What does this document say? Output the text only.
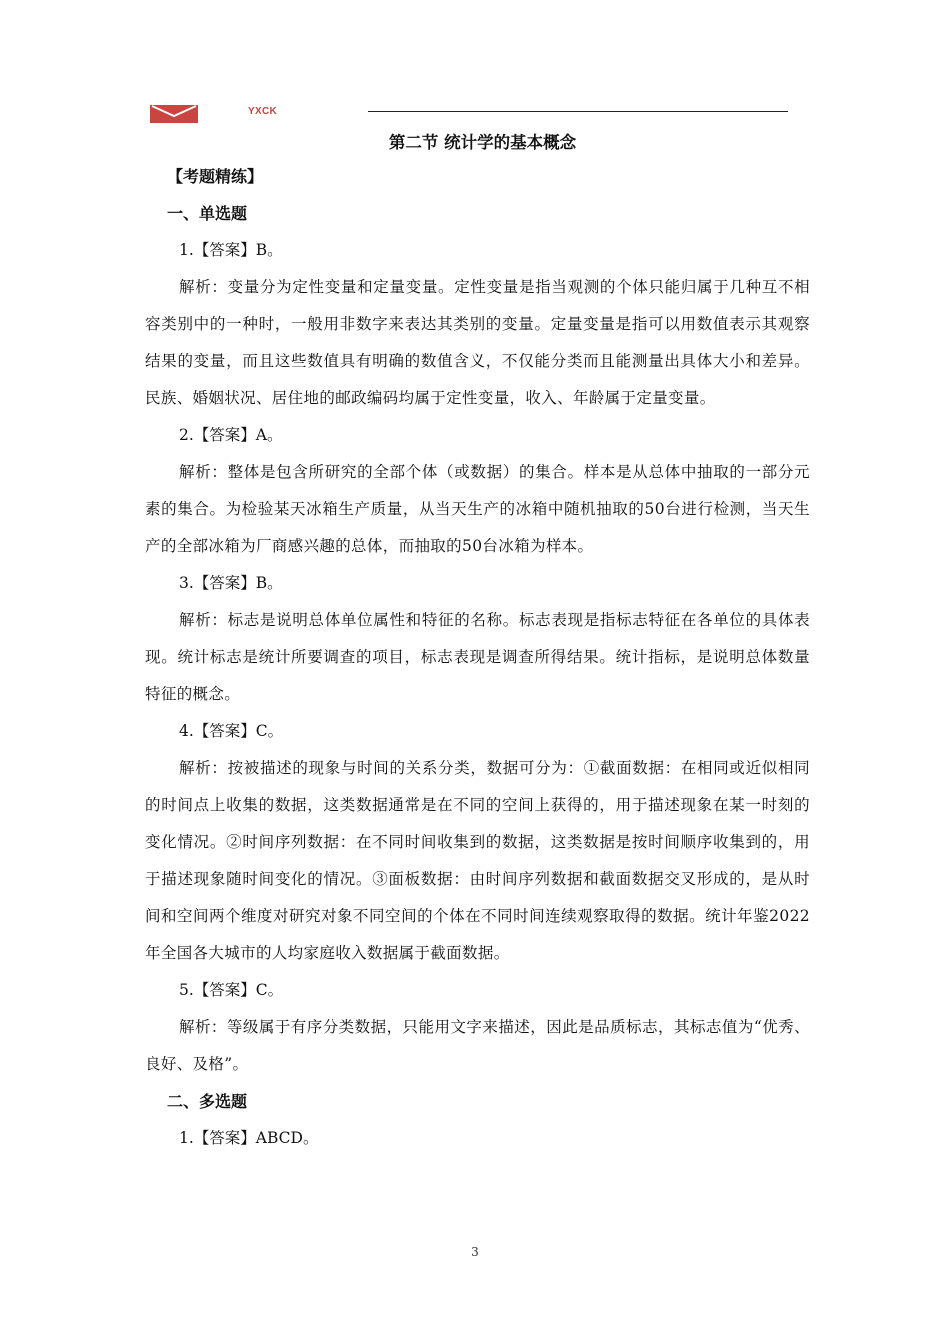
YXCK
第二节 统计学的基本概念
【考题精练】
一、单选题
1.【答案】B。

解析：变量分为定性变量和定量变量。定性变量是指当观测的个体只能归属于几种互不相容类别中的一种时，一般用非数字来表达其类别的变量。定量变量是指可以用数值表示其观察结果的变量，而且这些数值具有明确的数值含义，不仅能分类而且能测量出具体大小和差异。民族、婚姻状况、居住地的邮政编码均属于定性变量，收入、年龄属于定量变量。

2.【答案】A。

解析：整体是包含所研究的全部个体（或数据）的集合。样本是从总体中抽取的一部分元素的集合。为检验某天冰箱生产质量，从当天生产的冰箱中随机抽取的50台进行检测，当天生产的全部冰箱为厂商感兴趣的总体，而抽取的50台冰箱为样本。

3.【答案】B。

解析：标志是说明总体单位属性和特征的名称。标志表现是指标志特征在各单位的具体表现。统计标志是统计所要调查的项目，标志表现是调查所得结果。统计指标，是说明总体数量特征的概念。

4.【答案】C。

解析：按被描述的现象与时间的关系分类，数据可分为：①截面数据：在相同或近似相同的时间点上收集的数据，这类数据通常是在不同的空间上获得的，用于描述现象在某一时刻的变化情况。②时间序列数据：在不同时间收集到的数据，这类数据是按时间顺序收集到的，用于描述现象随时间变化的情况。③面板数据：由时间序列数据和截面数据交叉形成的，是从时间和空间两个维度对研究对象不同空间的个体在不同时间连续观察取得的数据。统计年鉴2022年全国各大城市的人均家庭收入数据属于截面数据。

5.【答案】C。

解析：等级属于有序分类数据，只能用文字来描述，因此是品质标志，其标志值为“优秀、良好、及格”。

二、多选题
1.【答案】ABCD。
3
